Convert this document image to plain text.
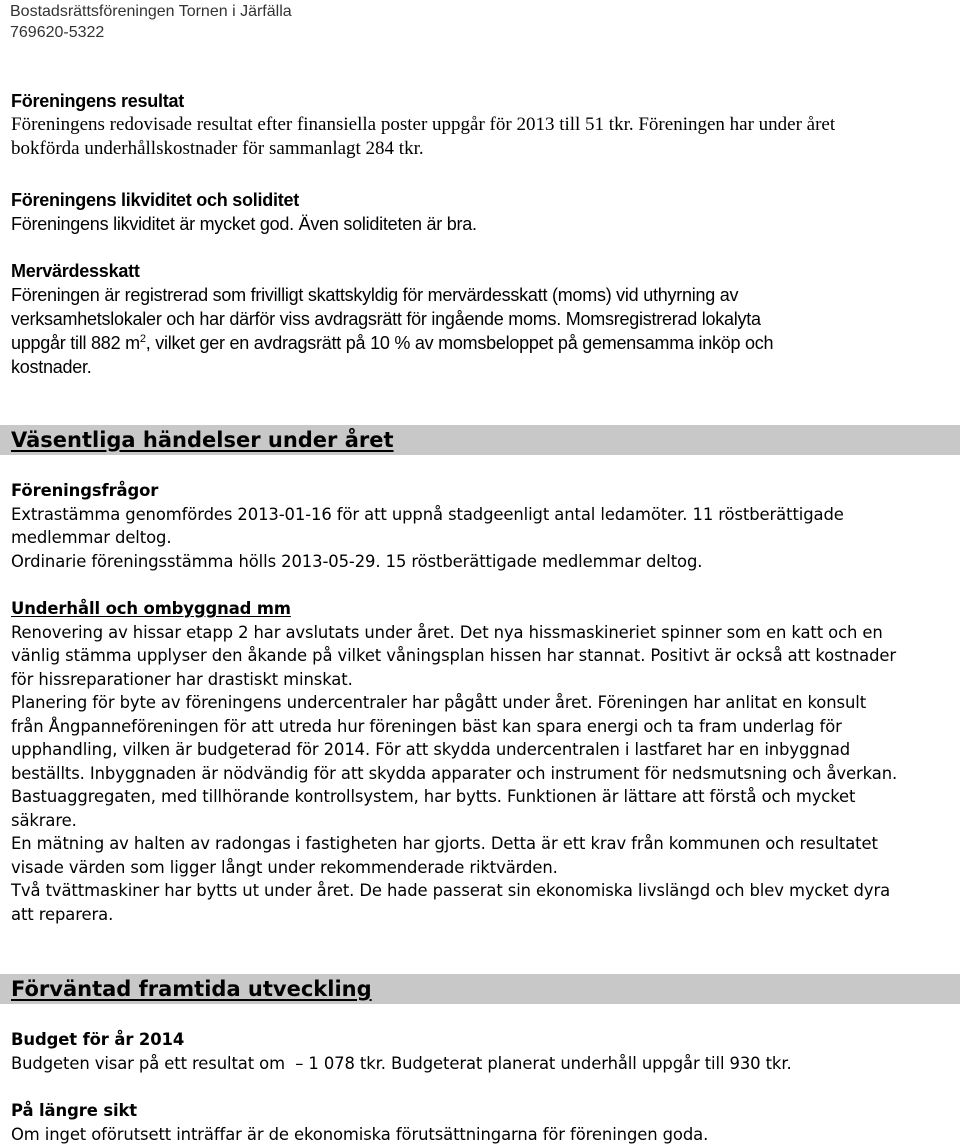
Bostadsrättsföreningen Tornen i Järfälla
769620-5322
Föreningens resultat
Föreningens redovisade resultat efter finansiella poster uppgår för 2013 till 51 tkr. Föreningen har under året
bokförda underhållskostnader för sammanlagt 284 tkr.
Föreningens likviditet och soliditet
Föreningens likviditet är mycket god. Även soliditeten är bra.
Mervärdesskatt
Föreningen är registrerad som frivilligt skattskyldig för mervärdesskatt (moms) vid uthyrning av
verksamhetslokaler och har därför viss avdragsrätt för ingående moms. Momsregistrerad lokalyta
uppgår till 882 $m^2$, vilket ger en avdragsrätt på 10 % av momsbeloppet på gemensamma inköp och
kostnader.
Väsentliga händelser under året
Föreningsfrågor
Extrastämma genomfördes 2013-01-16 för att uppnå stadgeenligt antal ledamöter. 11 röstberättigade
medlemmar deltog.
Ordinarie föreningsstämma hölls 2013-05-29. 15 röstberättigade medlemmar deltog.
Underhåll och ombyggnad mm
Renovering av hissar etapp 2 har avslutats under året. Det nya hissmaskineriet spinner som en katt och en
vänlig stämma upplyser den åkande på vilket våningsplan hissen har stannat. Positivt är också att kostnader
för hissreparationer har drastiskt minskat.
Planering för byte av föreningens undercentraler har pågått under året. Föreningen har anlitat en konsult
från Ångpanneföreningen för att utreda hur föreningen bäst kan spara energi och ta fram underlag för
upphandling, vilken är budgeterad för 2014. För att skydda undercentralen i lastfaret har en inbyggnad
beställts. Inbyggnaden är nödvändig för att skydda apparater och instrument för nedsmutsning och åverkan.
Bastuaggregaten, med tillhörande kontrollsystem, har bytts. Funktionen är lättare att förstå och mycket
säkrare.
En mätning av halten av radongas i fastigheten har gjorts. Detta är ett krav från kommunen och resultatet
visade värden som ligger långt under rekommenderade riktvärden.
Två tvättmaskiner har bytts ut under året. De hade passerat sin ekonomiska livslängd och blev mycket dyra
att reparera.
Förväntad framtida utveckling
Budget för år 2014
Budgeten visar på ett resultat om  – 1 078 tkr. Budgeterat planerat underhåll uppgår till 930 tkr.
På längre sikt
Om inget oförutsett inträffar är de ekonomiska förutsättningarna för föreningen goda.
